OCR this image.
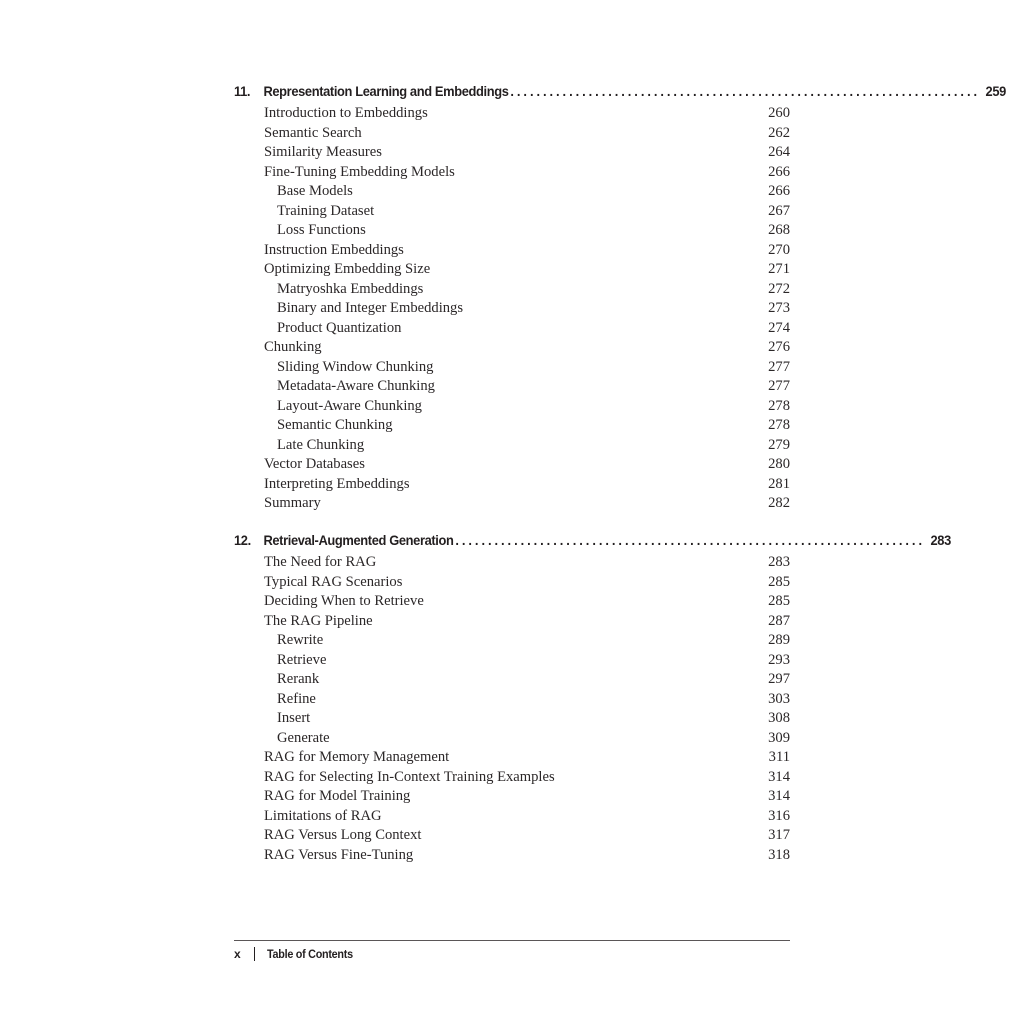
11. Representation Learning and Embeddings ........................................................................ 259
Introduction to Embeddings	260
Semantic Search	262
Similarity Measures	264
Fine-Tuning Embedding Models	266
Base Models	266
Training Dataset	267
Loss Functions	268
Instruction Embeddings	270
Optimizing Embedding Size	271
Matryoshka Embeddings	272
Binary and Integer Embeddings	273
Product Quantization	274
Chunking	276
Sliding Window Chunking	277
Metadata-Aware Chunking	277
Layout-Aware Chunking	278
Semantic Chunking	278
Late Chunking	279
Vector Databases	280
Interpreting Embeddings	281
Summary	282
12. Retrieval-Augmented Generation ........................................................................ 283
The Need for RAG	283
Typical RAG Scenarios	285
Deciding When to Retrieve	285
The RAG Pipeline	287
Rewrite	289
Retrieve	293
Rerank	297
Refine	303
Insert	308
Generate	309
RAG for Memory Management	311
RAG for Selecting In-Context Training Examples	314
RAG for Model Training	314
Limitations of RAG	316
RAG Versus Long Context	317
RAG Versus Fine-Tuning	318
x	Table of Contents
